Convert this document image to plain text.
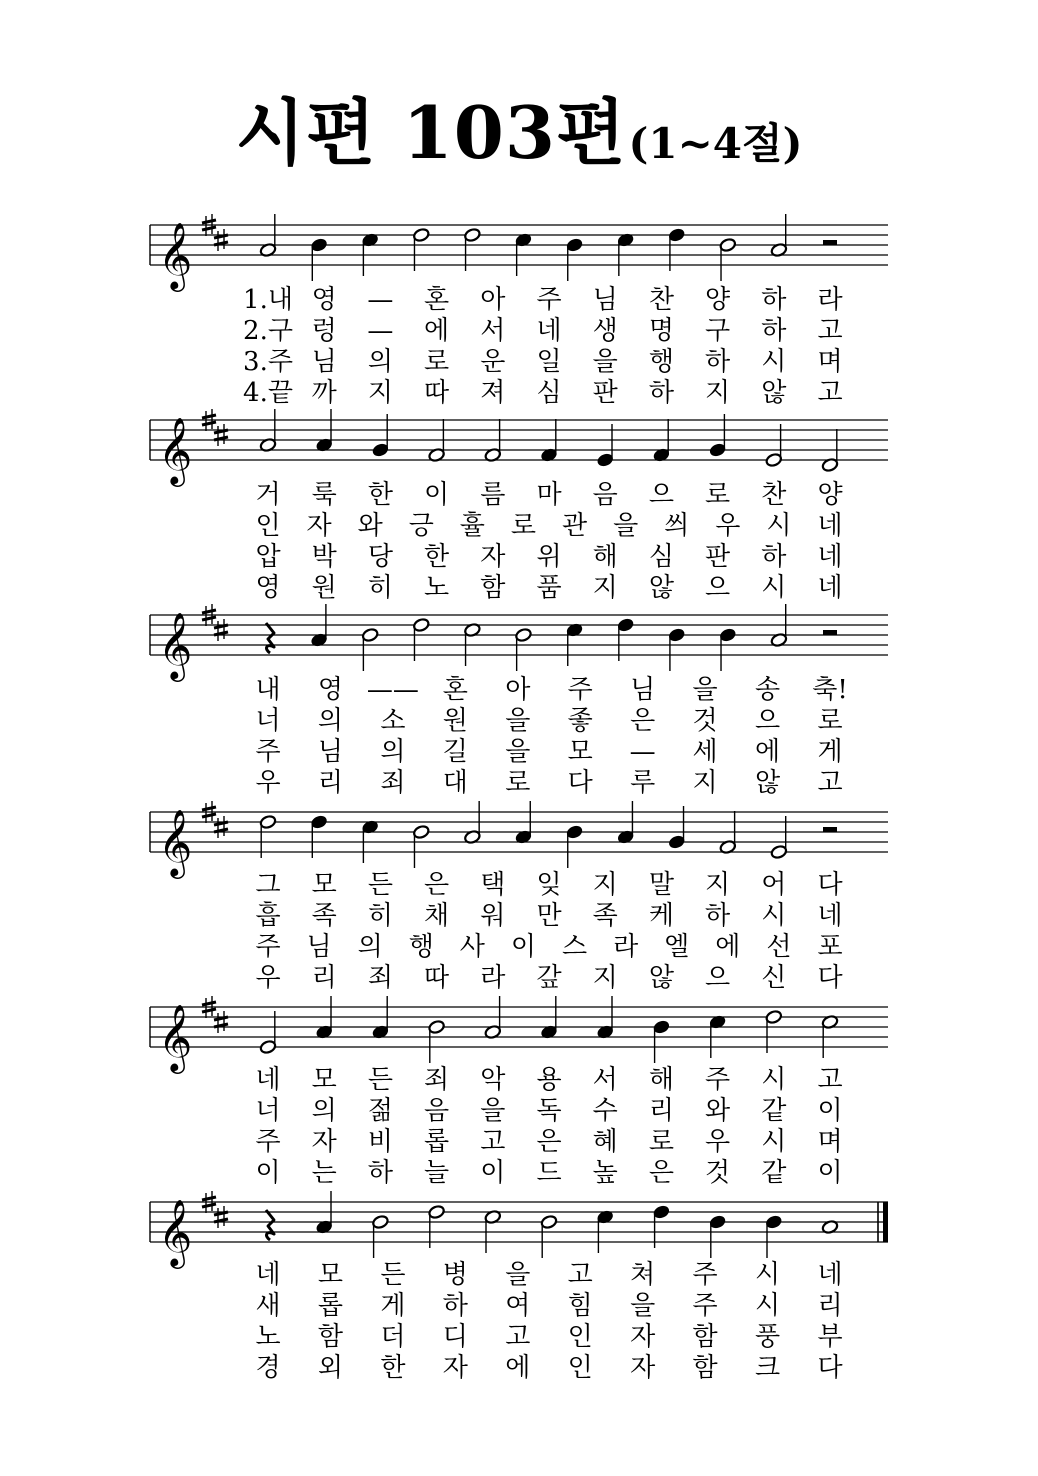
시편 103편(1~4절)
𝄞
1.내 영 — 혼 아 주 님 찬 양 하 라
2.구 렁 — 에 서 네 생 명 구 하 고
3.주 님 의 로 운 일 을 행 하 시 며
4.끝 까 지 따 져 심 판 하 지 않 고
𝄞
거 룩 한 이 름 마 음 으 로 찬 양
인 자 와 긍 휼 로 관 을 씌 우 시 네
압 박 당 한 자 위 해 심 판 하 네
영 원 히 노 함 품 지 않 으 시 네
𝄞
내 영 —— 혼 아 주 님 을 송 축!
너 의 소 원 을 좋 은 것 으 로
주 님 의 길 을 모 — 세 에 게
우 리 죄 대 로 다 루 지 않 고
𝄞
그 모 든 은 택 잊 지 말 지 어 다
흡 족 히 채 워 만 족 케 하 시 네
주 님 의 행 사 이 스 라 엘 에 선 포
우 리 죄 따 라 갚 지 않 으 신 다
𝄞
네 모 든 죄 악 용 서 해 주 시 고
너 의 젊 음 을 독 수 리 와 같 이
주 자 비 롭 고 은 혜 로 우 시 며
이 는 하 늘 이 드 높 은 것 같 이
𝄞
네 모 든 병 을 고 쳐 주 시 네
새 롭 게 하 여 힘 을 주 시 리
노 함 더 디 고 인 자 함 풍 부
경 외 한 자 에 인 자 함 크 다
